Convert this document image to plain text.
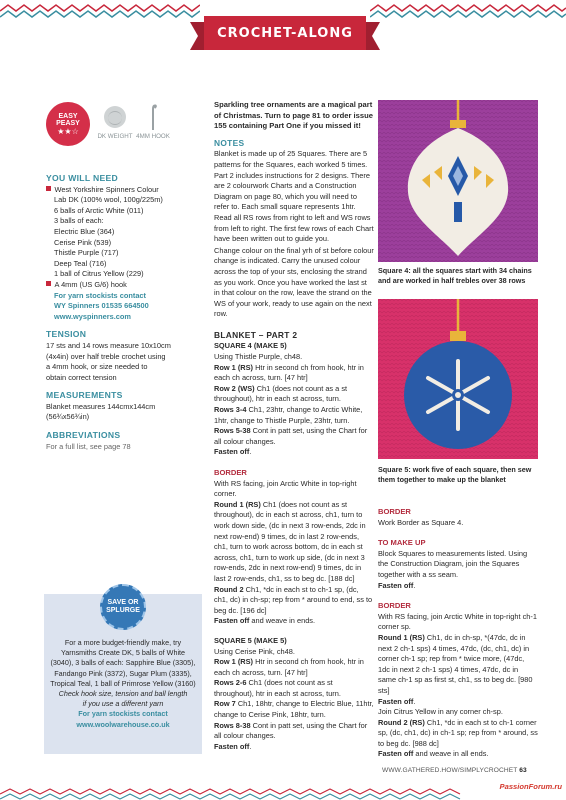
CROCHET-ALONG
EASY
PEASY
★★☆
DK WEIGHT 4MM HOOK
YOU WILL NEED
West Yorkshire Spinners Colour
Lab DK (100% wool, 100g/225m)
6 balls of Arctic White (011)
3 balls of each:
Electric Blue (364)
Cerise Pink (539)
Thistle Purple (717)
Deep Teal (716)
1 ball of Citrus Yellow (229)
A 4mm (US G/6) hook
For yarn stockists contact
WY Spinners 01535 664500
www.wyspinners.com
TENSION
17 sts and 14 rows measure 10x10cm
(4x4in) over half treble crochet using
a 4mm hook, or size needed to
obtain correct tension
MEASUREMENTS
Blanket measures 144cmx144cm
(56¾x56¾in)
ABBREVIATIONS
For a full list, see page 78
SAVE OR
SPLURGE
For a more budget-friendly make, try
Yarnsmiths Create DK, 5 balls of White
(3040), 3 balls of each: Sapphire Blue (3305),
Fandango Pink (3372), Sugar Plum (3335),
Tropical Teal, 1 ball of Primrose Yellow (3160)
Check hook size, tension and ball length
if you use a different yarn
For yarn stockists contact
www.woolwarehouse.co.uk
Sparkling tree ornaments are a magical part of Christmas. Turn to page 81 to order issue 155 containing Part One if you missed it!
NOTES
Blanket is made up of 25 Squares. There are 5 patterns for the Squares, each worked 5 times. Part 2 includes instructions for 2 designs. There are 2 colourwork Charts and a Construction Diagram on page 80, which you will need to refer to. Each small square represents 1htr. Read all RS rows from right to left and WS rows from left to right. The first few rows of each Chart have been written out to guide you.
Change colour on the final yrh of st before colour change is indicated. Carry the unused colour across the top of your sts, enclosing the strand as you work. Once you have worked the last st in that colour on the row, leave the strand on the WS of your work, ready to use again on the next row.
BLANKET – PART 2
SQUARE 4 (MAKE 5)
Using Thistle Purple, ch48.
Row 1 (RS) Htr in second ch from hook, htr in each ch across, turn. [47 htr]
Row 2 (WS) Ch1 (does not count as a st throughout), htr in each st across, turn.
Rows 3-4 Ch1, 23htr, change to Arctic White, 1htr, change to Thistle Purple, 23htr, turn.
Rows 5-38 Cont in patt set, using the Chart for all colour changes.
Fasten off.
BORDER
With RS facing, join Arctic White in top-right corner.
Round 1 (RS) Ch1 (does not count as st throughout), dc in each st across, ch1, turn to work down side, (dc in next 3 row-ends, 2dc in next row-end) 9 times, dc in last 2 row-ends, ch1, turn to work across bottom, dc in each st across, ch1, turn to work up side, (dc in next 3 row-ends, 2dc in next row-end) 9 times, dc in last 2 row-ends, ch1, ss to beg dc. [188 dc]
Round 2 Ch1, *dc in each st to ch-1 sp, (dc, ch1, dc) in ch-sp; rep from * around to end, ss to beg dc. [196 dc]
Fasten off and weave in ends.
SQUARE 5 (MAKE 5)
Using Cerise Pink, ch48.
Row 1 (RS) Htr in second ch from hook, htr in each ch across, turn. [47 htr]
Rows 2-6 Ch1 (does not count as st throughout), htr in each st across, turn.
Row 7 Ch1, 18htr, change to Electric Blue, 11htr, change to Cerise Pink, 18htr, turn.
Rows 8-38 Cont in patt set, using the Chart for all colour changes.
Fasten off.
Square 4: all the squares start with 34 chains and are worked in half trebles over 38 rows
Square 5: work five of each square, then sew them together to make up the blanket
BORDER
Work Border as Square 4.
TO MAKE UP
Block Squares to measurements listed. Using the Construction Diagram, join the Squares together with a ss seam.
Fasten off.
BORDER
With RS facing, join Arctic White in top-right ch-1 corner sp.
Round 1 (RS) Ch1, dc in ch-sp, *(47dc, dc in next 2 ch-1 sps) 4 times, 47dc, (dc, ch1, dc) in corner ch-1 sp; rep from * twice more, (47dc, 1dc in next 2 ch-1 sps) 4 times, 47dc, dc in same ch-1 sp as first st, ch1, ss to beg dc. [980 sts]
Fasten off.
Join Citrus Yellow in any corner ch-sp.
Round 2 (RS) Ch1, *dc in each st to ch-1 corner sp, (dc, ch1, dc) in ch-1 sp; rep from * around, ss to beg dc. [988 dc]
Fasten off and weave in all ends.
WWW.GATHERED.HOW/SIMPLYCROCHET 63
PassionForum.ru
